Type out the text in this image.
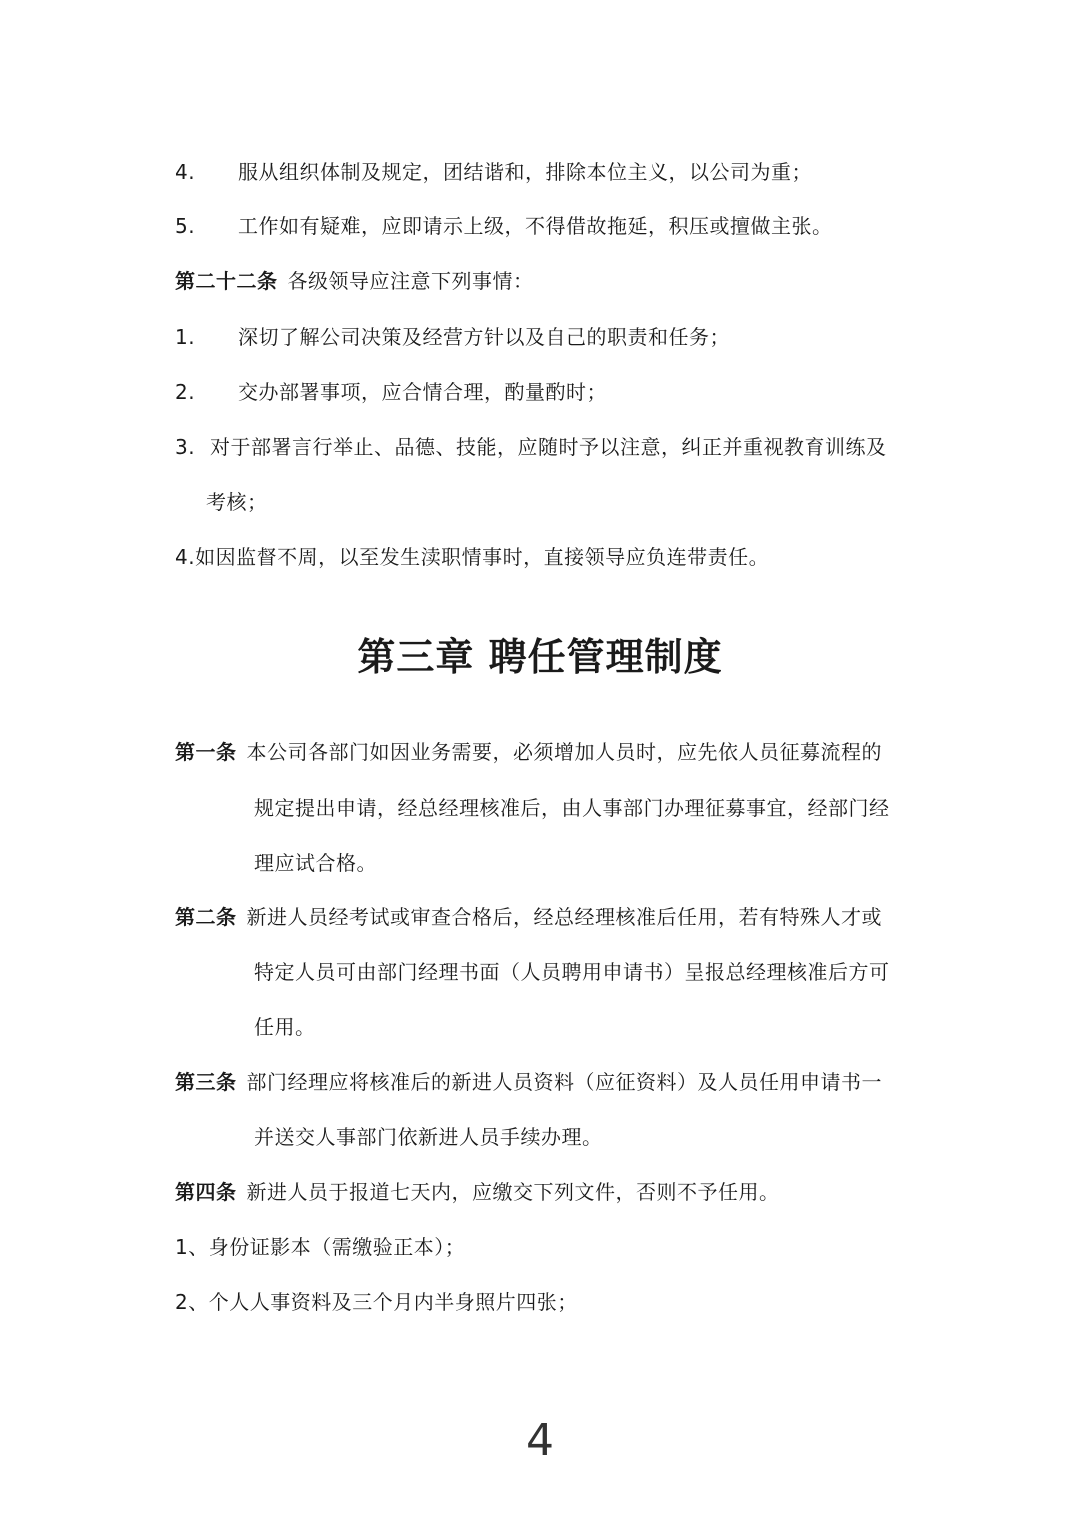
4. 服从组织体制及规定，团结谐和，排除本位主义，以公司为重；
5. 工作如有疑难，应即请示上级，不得借故拖延，积压或擅做主张。
第二十二条 各级领导应注意下列事情：
1. 深切了解公司决策及经营方针以及自己的职责和任务；
2. 交办部署事项，应合情合理，酌量酌时；
3. 对于部署言行举止、品德、技能，应随时予以注意，纠正并重视教育训练及
考核；
4.如因监督不周，以至发生渎职情事时，直接领导应负连带责任。
第三章 聘任管理制度
第一条 本公司各部门如因业务需要，必须增加人员时，应先依人员征募流程的
规定提出申请，经总经理核准后，由人事部门办理征募事宜，经部门经
理应试合格。
第二条 新进人员经考试或审查合格后，经总经理核准后任用，若有特殊人才或
特定人员可由部门经理书面（人员聘用申请书）呈报总经理核准后方可
任用。
第三条 部门经理应将核准后的新进人员资料（应征资料）及人员任用申请书一
并送交人事部门依新进人员手续办理。
第四条 新进人员于报道七天内，应缴交下列文件，否则不予任用。
1、身份证影本（需缴验正本）；
2、个人人事资料及三个月内半身照片四张；
4
